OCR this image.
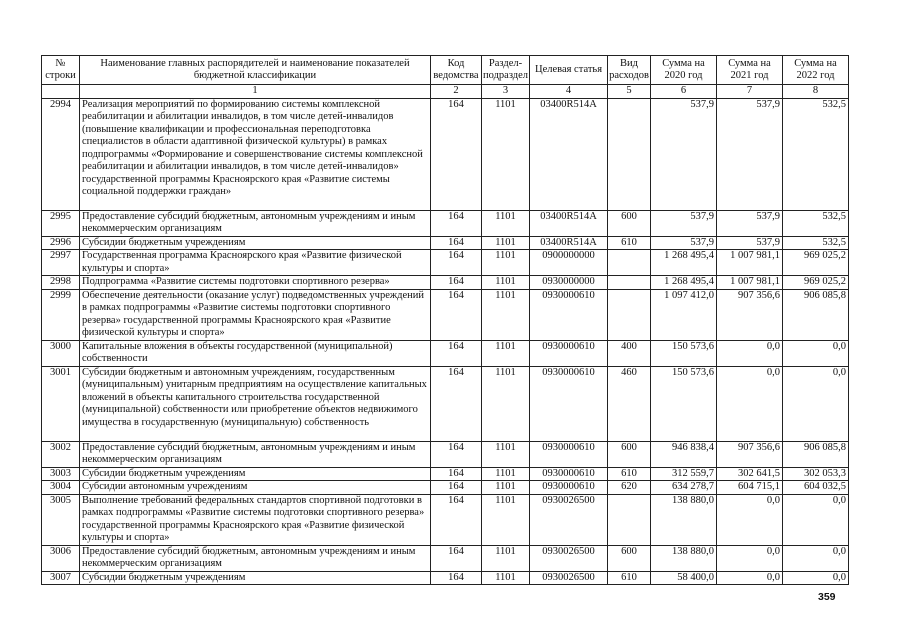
№ строки	Наименование главных распорядителей и наименование показателей бюджетной классификации	Код ведомства	Раздел-подраздел	Целевая статья	Вид расходов	Сумма на 2020 год	Сумма на 2021 год	Сумма на 2022 год
	1	2	3	4	5	6	7	8
2994	Реализация мероприятий по формированию системы комплексной реабилитации и абилитации инвалидов, в том числе детей-инвалидов (повышение квалификации и профессиональная переподготовка специалистов в области адаптивной физической культуры) в рамках подпрограммы «Формирование и совершенствование системы комплексной реабилитации и абилитации инвалидов, в том числе детей-инвалидов» государственной программы Красноярского края «Развитие системы социальной поддержки граждан»	164	1101	03400R514A		537,9	537,9	532,5
2995	Предоставление субсидий бюджетным, автономным учреждениям и иным некоммерческим организациям	164	1101	03400R514A	600	537,9	537,9	532,5
2996	Субсидии бюджетным учреждениям	164	1101	03400R514A	610	537,9	537,9	532,5
2997	Государственная программа Красноярского края «Развитие физической культуры и спорта»	164	1101	0900000000		1 268 495,4	1 007 981,1	969 025,2
2998	Подпрограмма «Развитие системы подготовки спортивного резерва»	164	1101	0930000000		1 268 495,4	1 007 981,1	969 025,2
2999	Обеспечение деятельности (оказание услуг) подведомственных учреждений в рамках подпрограммы «Развитие системы подготовки спортивного резерва» государственной программы Красноярского края «Развитие физической культуры и спорта»	164	1101	0930000610		1 097 412,0	907 356,6	906 085,8
3000	Капитальные вложения в объекты государственной (муниципальной) собственности	164	1101	0930000610	400	150 573,6	0,0	0,0
3001	Субсидии бюджетным и автономным учреждениям, государственным (муниципальным) унитарным предприятиям на осуществление капитальных вложений в объекты капитального строительства государственной (муниципальной) собственности или приобретение объектов недвижимого имущества в государственную (муниципальную) собственность	164	1101	0930000610	460	150 573,6	0,0	0,0
3002	Предоставление субсидий бюджетным, автономным учреждениям и иным некоммерческим организациям	164	1101	0930000610	600	946 838,4	907 356,6	906 085,8
3003	Субсидии бюджетным учреждениям	164	1101	0930000610	610	312 559,7	302 641,5	302 053,3
3004	Субсидии автономным учреждениям	164	1101	0930000610	620	634 278,7	604 715,1	604 032,5
3005	Выполнение требований федеральных стандартов спортивной подготовки в рамках подпрограммы «Развитие системы подготовки спортивного резерва» государственной программы Красноярского края «Развитие физической культуры и спорта»	164	1101	0930026500		138 880,0	0,0	0,0
3006	Предоставление субсидий бюджетным, автономным учреждениям и иным некоммерческим организациям	164	1101	0930026500	600	138 880,0	0,0	0,0
3007	Субсидии бюджетным учреждениям	164	1101	0930026500	610	58 400,0	0,0	0,0
359
